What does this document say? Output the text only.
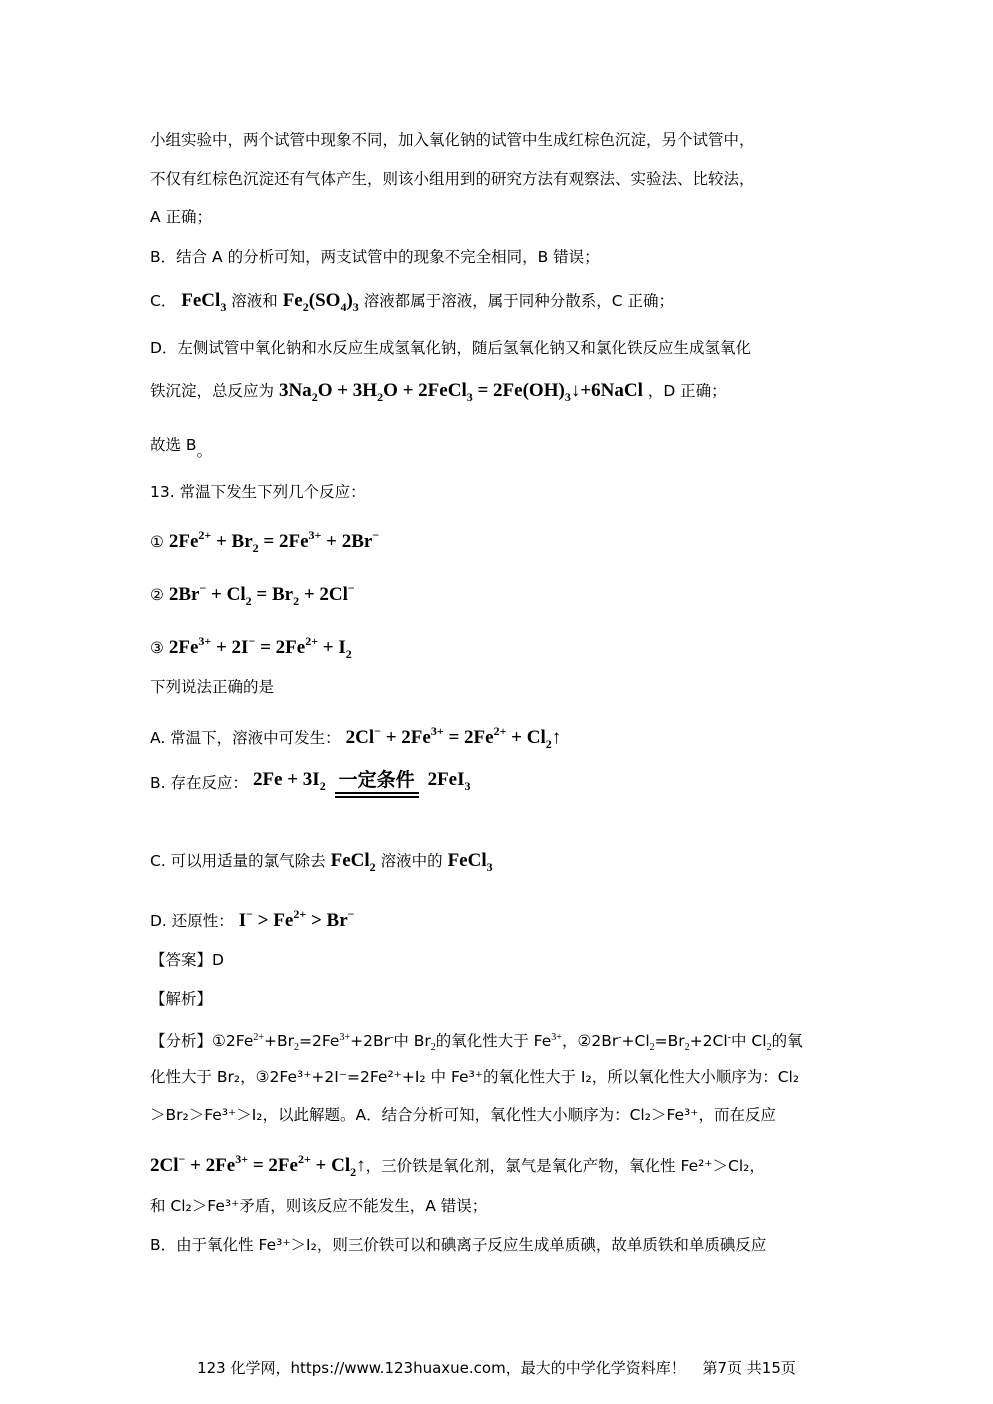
小组实验中，两个试管中现象不同，加入氧化钠的试管中生成红棕色沉淀，另个试管中，
不仅有红棕色沉淀还有气体产生，则该小组用到的研究方法有观察法、实验法、比较法，
A 正确；
B．结合 A 的分析可知，两支试管中的现象不完全相同，B 错误；
C． FeCl$_3$ 溶液和 $Fe_2(SO_4)_3$ 溶液都属于溶液，属于同种分散系，C 正确；
D．左侧试管中氧化钠和水反应生成氢氧化钠，随后氢氧化钠又和氯化铁反应生成氢氧化
铁沉淀，总反应为 $3Na_2O + 3H_2O$ + 2FeCl$_3$ = $2Fe(OH)_3↓+6NaCl$ ，D 正确；
故选 B。
13. 常温下发生下列几个反应：
① $2Fe^{2+} + Br_2 = 2Fe^{3+} + 2Br^-$
② $2Br^- + Cl_2 = Br_2 + 2Cl^-$
③ $2Fe^{3+} + 2I^- = 2Fe^{2+} + I_2$
下列说法正确的是
A. 常温下，溶液中可发生： $2Cl^- + 2Fe^{3+} = 2Fe^{2+}$ + $Cl_2↑$
B. 存在反应： $2Fe + 3I_2$ 一定条件 2FeI$_3$
C. 可以用适量的氯气除去 FeCl$_2$ 溶液中的 FeCl$_3$
D. 还原性： $I^- > Fe^{2+} > Br^-$
【答案】D
【解析】
【分析】$①2Fe^{2+}+Br_2=2Fe^{3+}+2Br^-$中 $Br_2$的氧化性大于 $Fe^{3+}$，$②2Br^-+Cl_2=Br_2+2Cl^-$中 $Cl_2$的氧
化性大于 Br₂，③2Fe³⁺+2I⁻=2Fe²⁺+I₂ 中 Fe³⁺的氧化性大于 I₂，所以氧化性大小顺序为：Cl₂
＞Br₂＞Fe³⁺＞I₂，以此解题。A．结合分析可知，氧化性大小顺序为：Cl₂＞Fe³⁺，而在反应
$2Cl^- + 2Fe^{3+} = 2Fe^{2+}$ + $Cl_2↑$，三价铁是氧化剂，氯气是氧化产物，氧化性 Fe²⁺＞Cl₂，
和 Cl₂＞Fe³⁺矛盾，则该反应不能发生，A 错误；
B．由于氧化性 Fe³⁺＞I₂，则三价铁可以和碘离子反应生成单质碘，故单质铁和单质碘反应
123 化学网，https://www.123huaxue.com，最大的中学化学资料库！ 第7页 共15页
